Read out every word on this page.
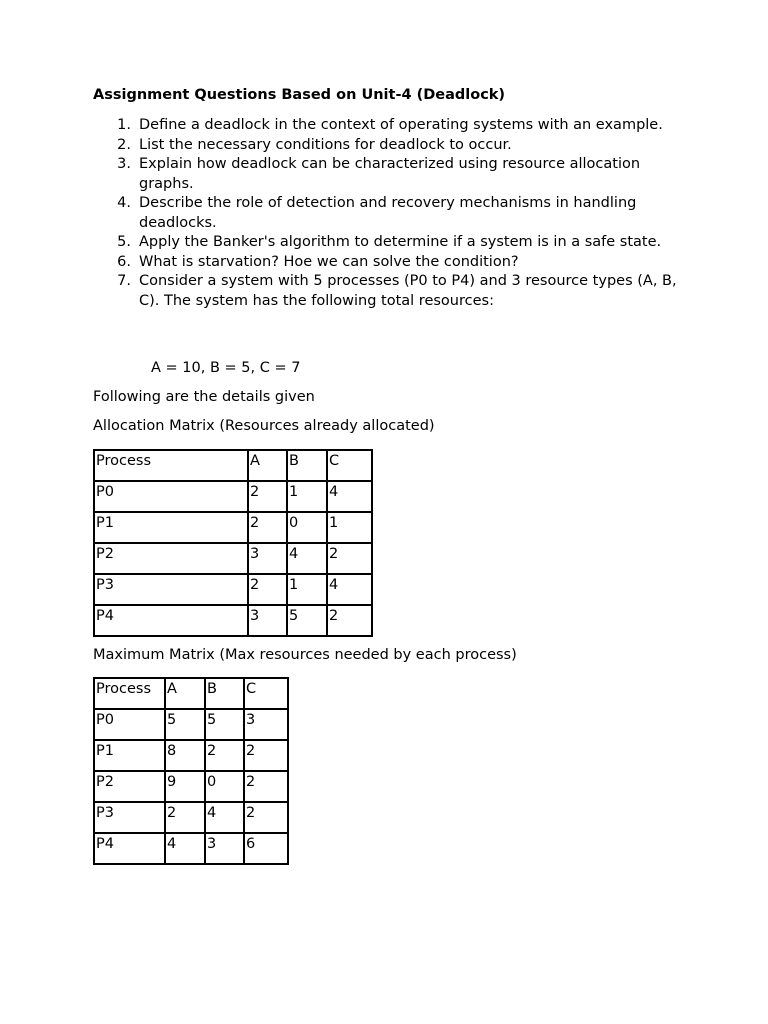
Assignment Questions Based on Unit-4 (Deadlock)
1. Define a deadlock in the context of operating systems with an example.
2. List the necessary conditions for deadlock to occur.
3. Explain how deadlock can be characterized using resource allocation graphs.
4. Describe the role of detection and recovery mechanisms in handling deadlocks.
5. Apply the Banker's algorithm to determine if a system is in a safe state.
6. What is starvation? Hoe we can solve the condition?
7. Consider a system with 5 processes (P0 to P4) and 3 resource types (A, B, C). The system has the following total resources:
A = 10, B = 5, C = 7
Following are the details given
Allocation Matrix (Resources already allocated)
Process	A	B	C
P0	2	1	4
P1	2	0	1
P2	3	4	2
P3	2	1	4
P4	3	5	2
Maximum Matrix (Max resources needed by each process)
Process	A	B	C
P0	5	5	3
P1	8	2	2
P2	9	0	2
P3	2	4	2
P4	4	3	6
